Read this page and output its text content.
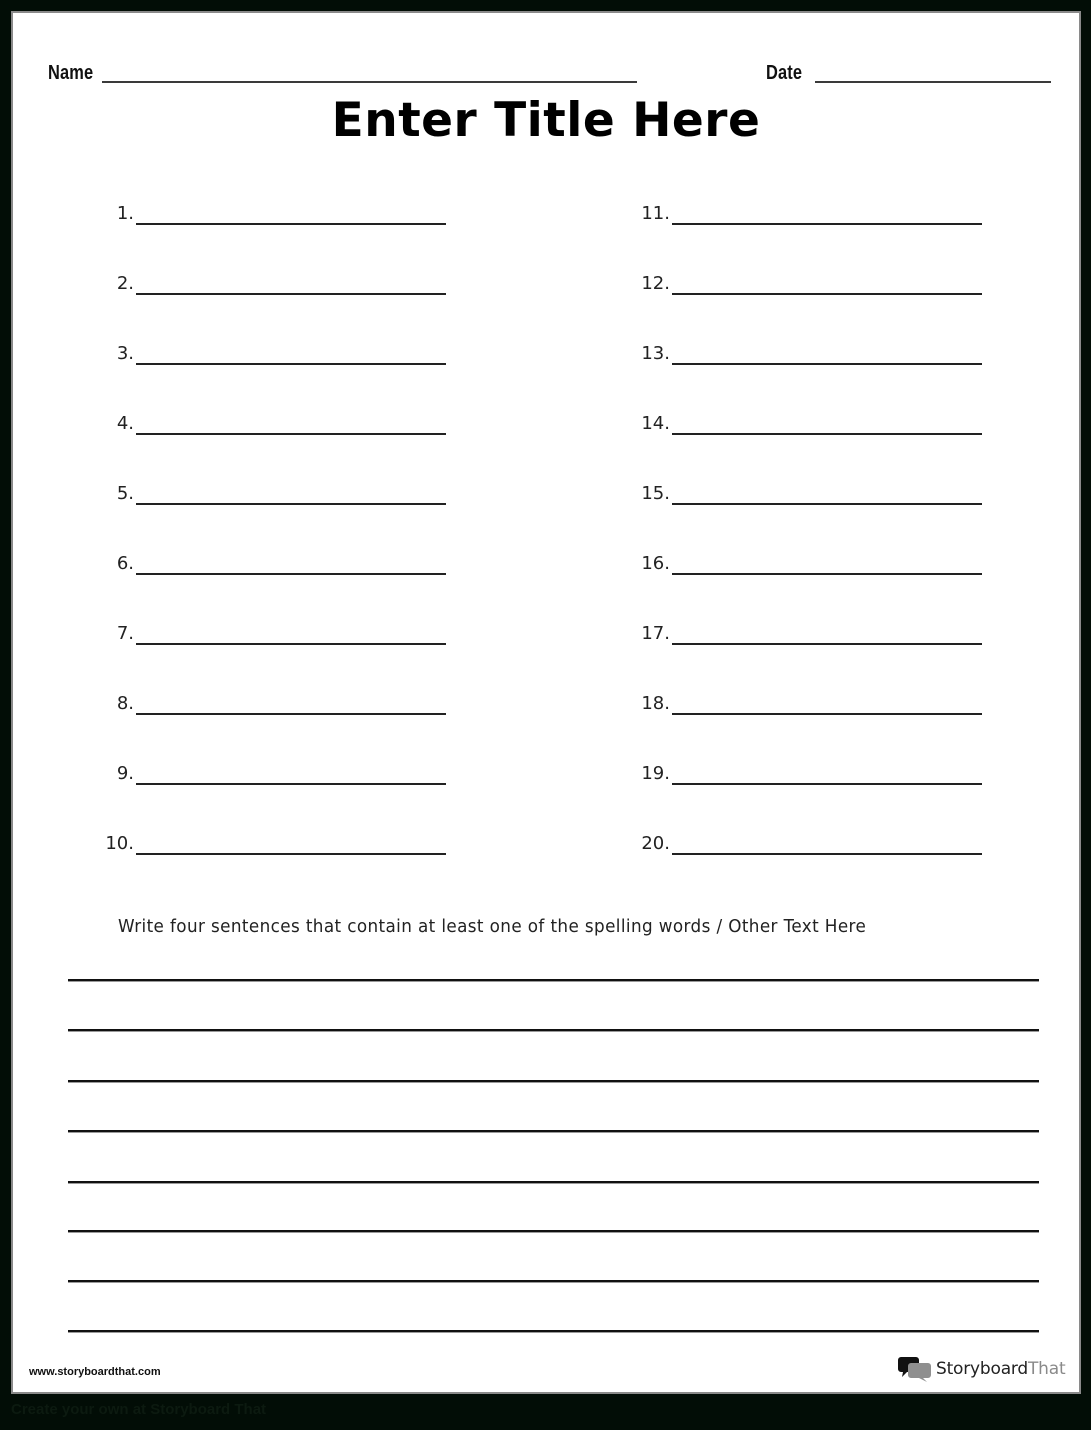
Name	Date
Enter Title Here
1.
2.
3.
4.
5.
6.
7.
8.
9.
10.
11.
12.
13.
14.
15.
16.
17.
18.
19.
20.
Write four sentences that contain at least one of the spelling words / Other Text Here
www.storyboardthat.com	StoryboardThat
Create your own at Storyboard That
